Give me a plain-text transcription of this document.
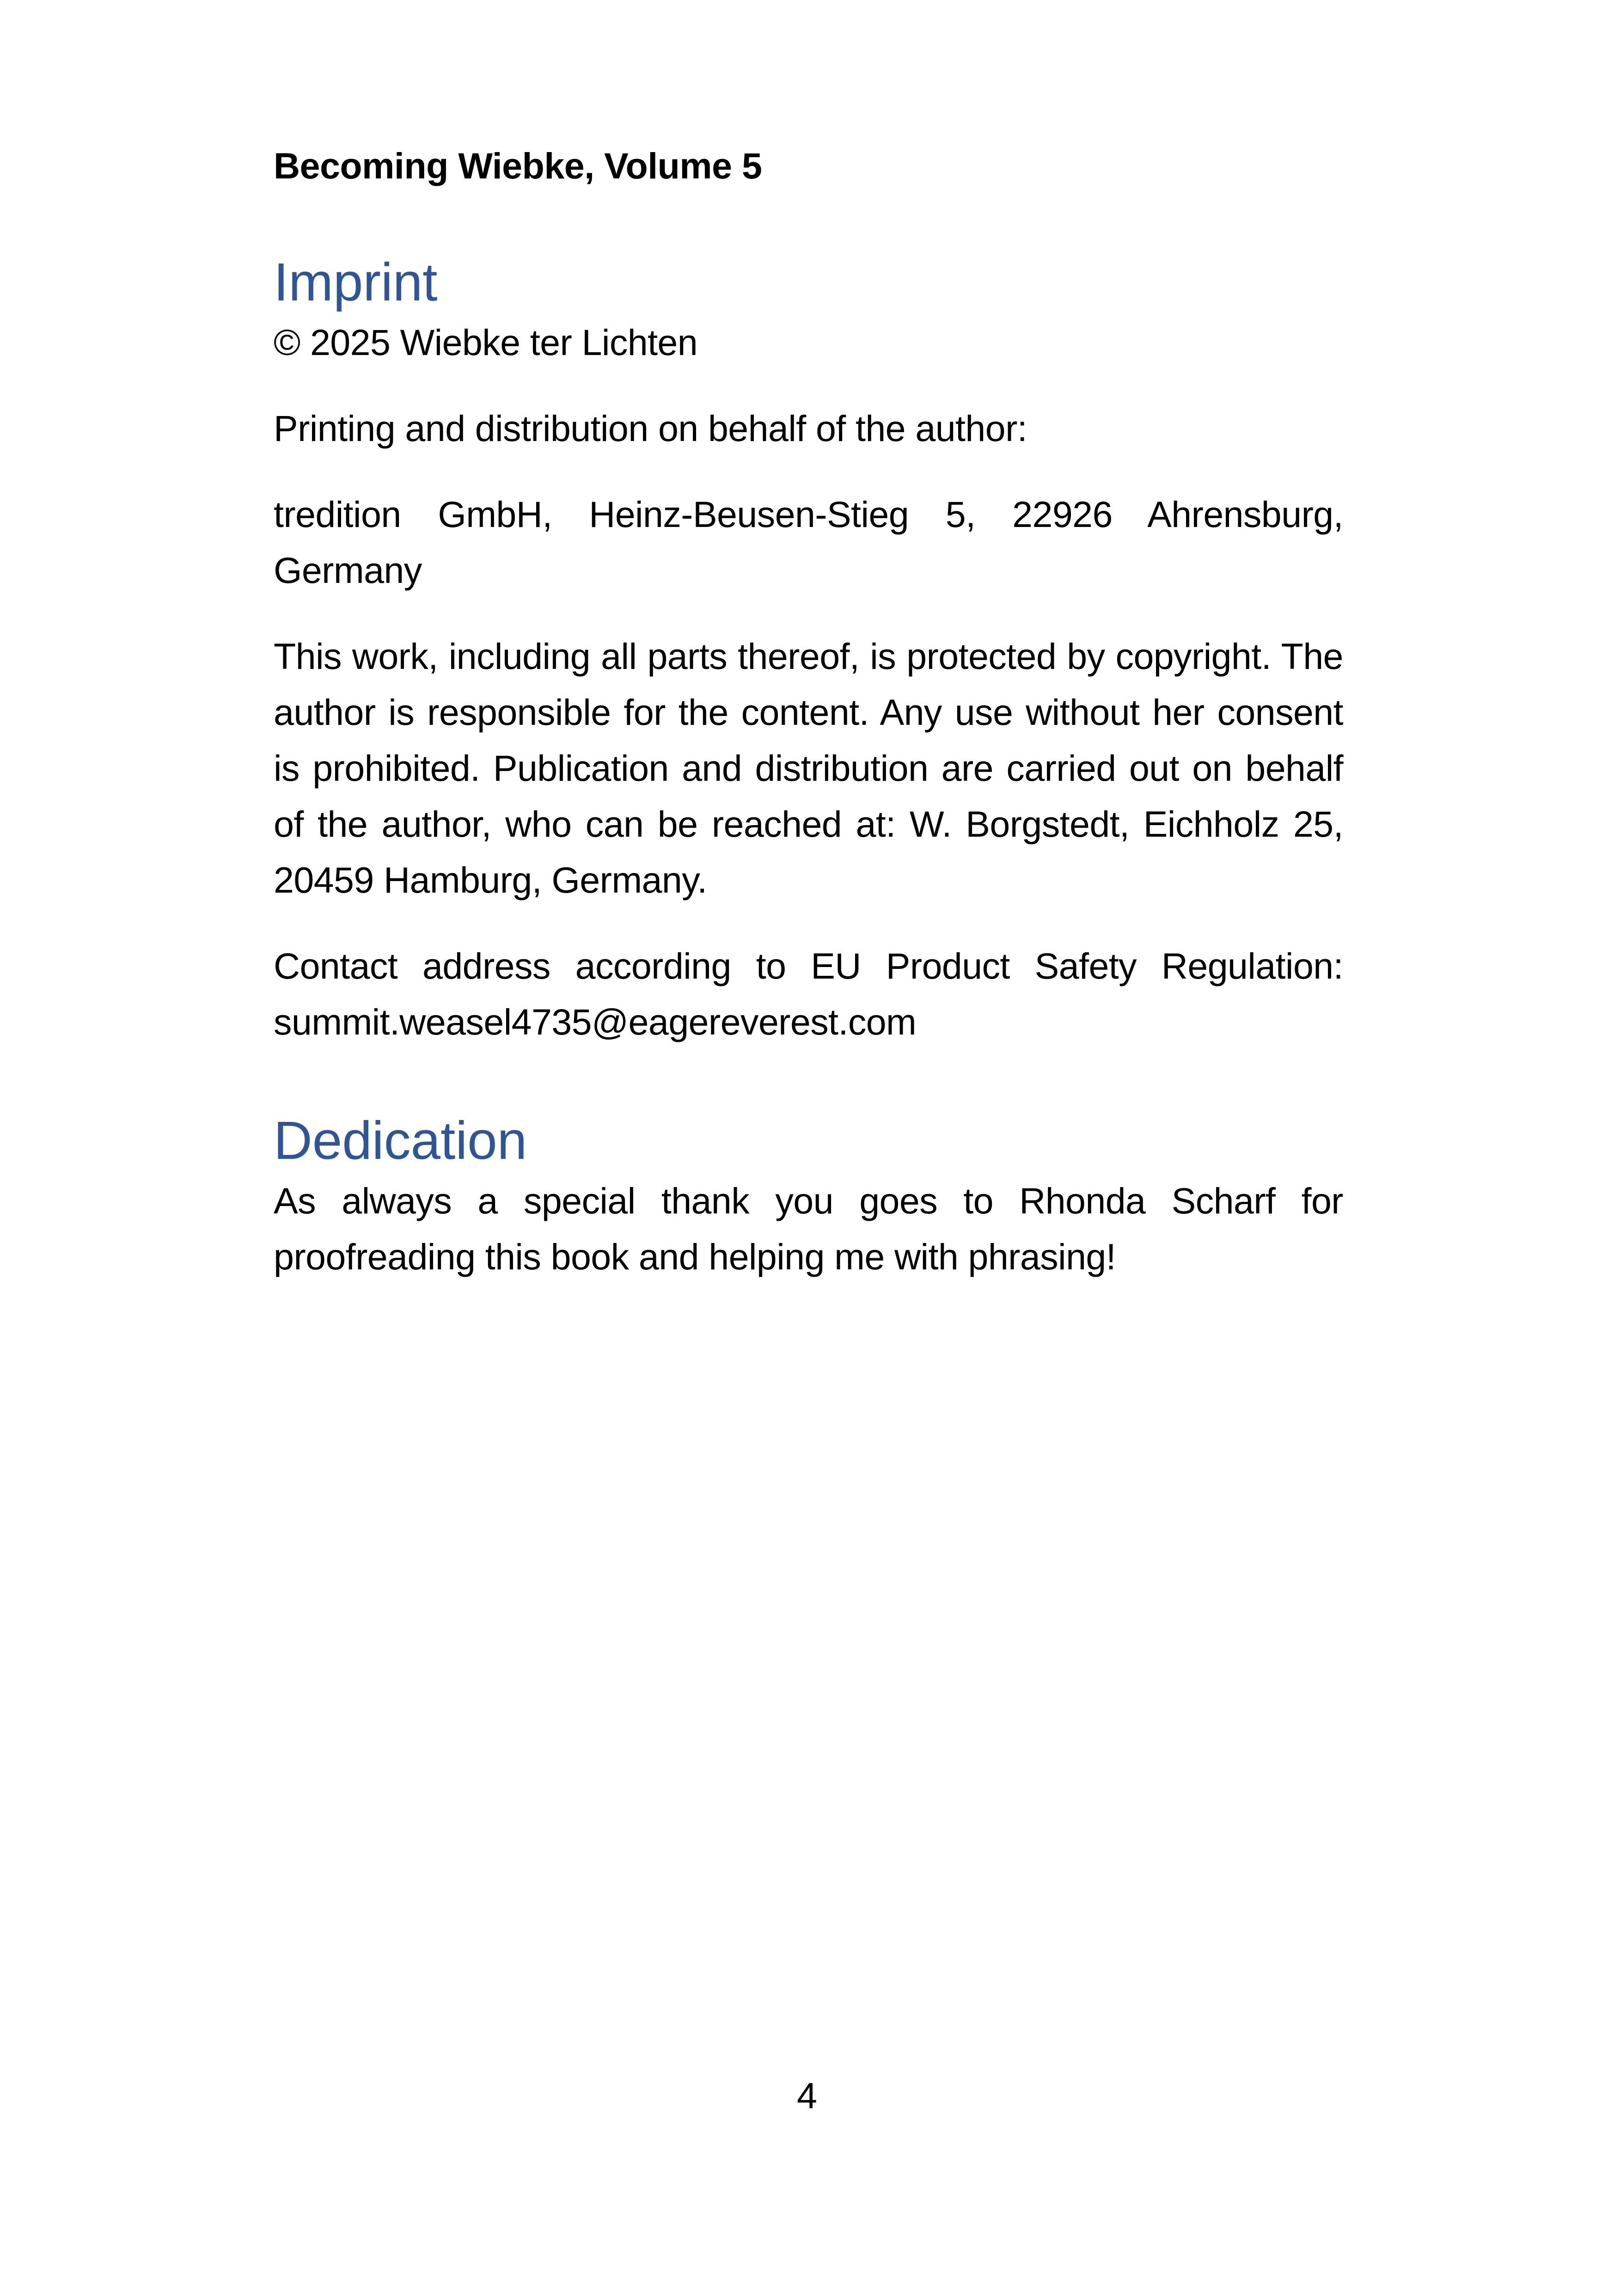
Becoming Wiebke, Volume 5

Imprint

© 2025 Wiebke ter Lichten

Printing and distribution on behalf of the author:

tredition GmbH, Heinz-Beusen-Stieg 5, 22926 Ahrensburg, Germany

This work, including all parts thereof, is protected by copyright. The author is responsible for the content. Any use without her consent is prohibited. Publication and distribution are carried out on behalf of the author, who can be reached at: W. Borgstedt, Eichholz 25, 20459 Hamburg, Germany.

Contact address according to EU Product Safety Regulation: summit.weasel4735@eagereverest.com

Dedication

As always a special thank you goes to Rhonda Scharf for proofreading this book and helping me with phrasing!

4
